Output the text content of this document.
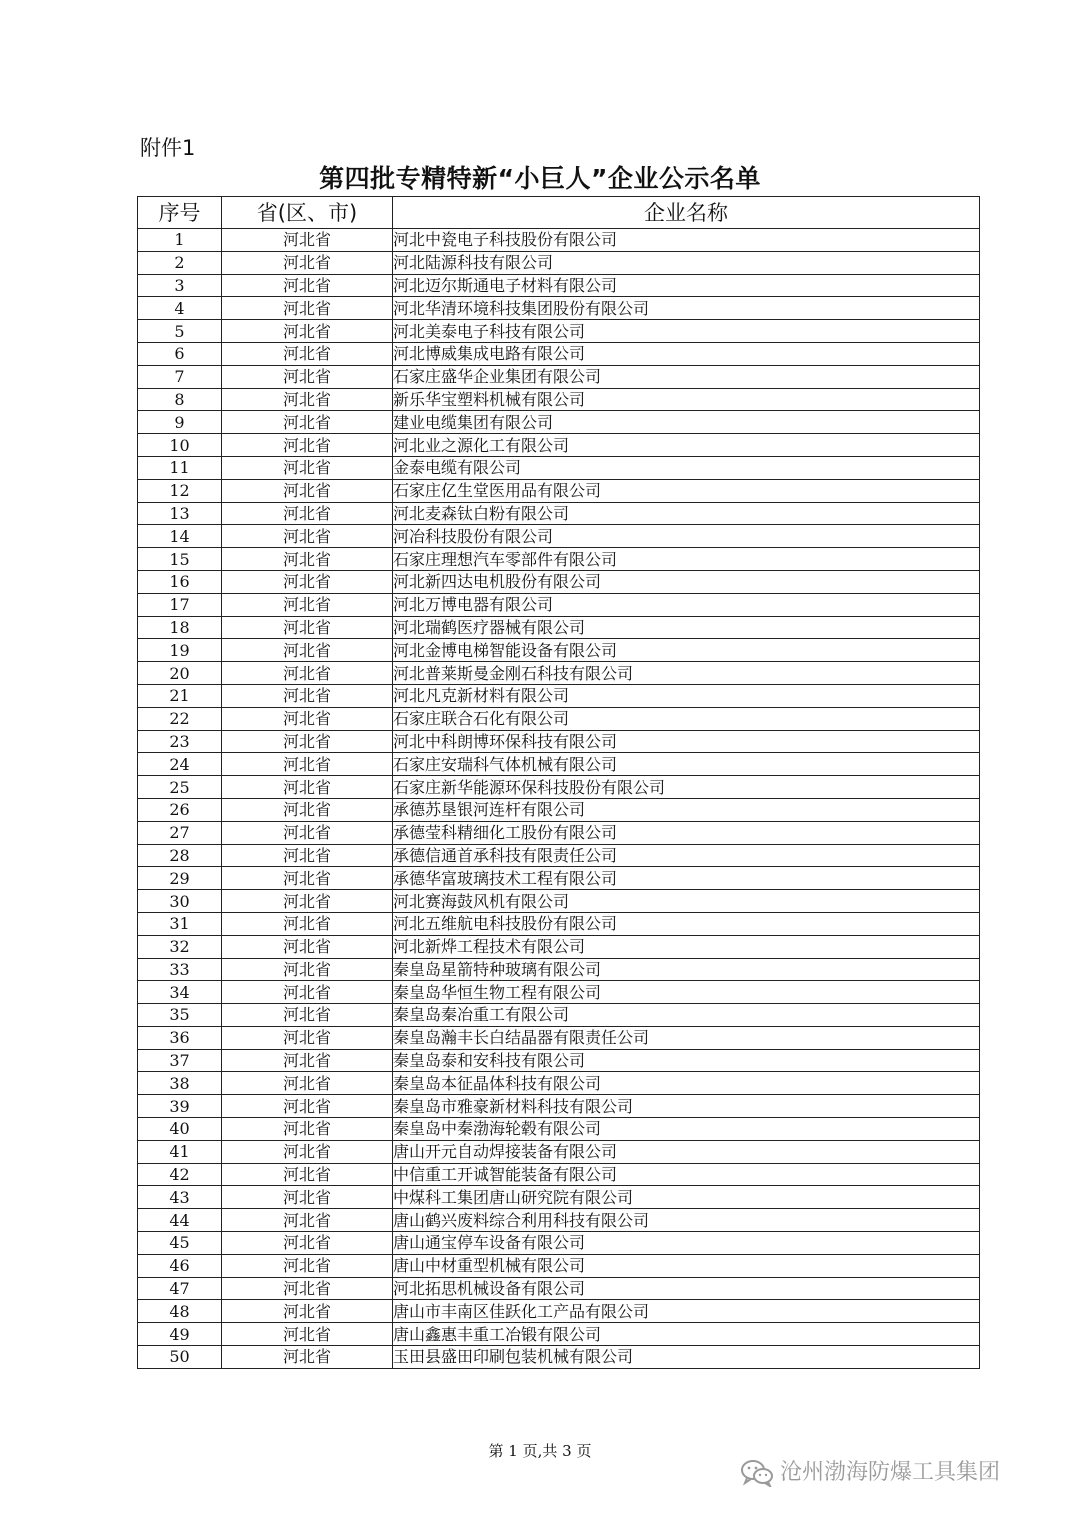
附件1
第四批专精特新“小巨人”企业公示名单
序号	省(区、市)	企业名称
1	河北省	河北中瓷电子科技股份有限公司
2	河北省	河北陆源科技有限公司
3	河北省	河北迈尔斯通电子材料有限公司
4	河北省	河北华清环境科技集团股份有限公司
5	河北省	河北美泰电子科技有限公司
6	河北省	河北博威集成电路有限公司
7	河北省	石家庄盛华企业集团有限公司
8	河北省	新乐华宝塑料机械有限公司
9	河北省	建业电缆集团有限公司
10	河北省	河北业之源化工有限公司
11	河北省	金泰电缆有限公司
12	河北省	石家庄亿生堂医用品有限公司
13	河北省	河北麦森钛白粉有限公司
14	河北省	河冶科技股份有限公司
15	河北省	石家庄理想汽车零部件有限公司
16	河北省	河北新四达电机股份有限公司
17	河北省	河北万博电器有限公司
18	河北省	河北瑞鹤医疗器械有限公司
19	河北省	河北金博电梯智能设备有限公司
20	河北省	河北普莱斯曼金刚石科技有限公司
21	河北省	河北凡克新材料有限公司
22	河北省	石家庄联合石化有限公司
23	河北省	河北中科朗博环保科技有限公司
24	河北省	石家庄安瑞科气体机械有限公司
25	河北省	石家庄新华能源环保科技股份有限公司
26	河北省	承德苏垦银河连杆有限公司
27	河北省	承德莹科精细化工股份有限公司
28	河北省	承德信通首承科技有限责任公司
29	河北省	承德华富玻璃技术工程有限公司
30	河北省	河北赛海鼓风机有限公司
31	河北省	河北五维航电科技股份有限公司
32	河北省	河北新烨工程技术有限公司
33	河北省	秦皇岛星箭特种玻璃有限公司
34	河北省	秦皇岛华恒生物工程有限公司
35	河北省	秦皇岛秦冶重工有限公司
36	河北省	秦皇岛瀚丰长白结晶器有限责任公司
37	河北省	秦皇岛泰和安科技有限公司
38	河北省	秦皇岛本征晶体科技有限公司
39	河北省	秦皇岛市雅豪新材料科技有限公司
40	河北省	秦皇岛中秦渤海轮毂有限公司
41	河北省	唐山开元自动焊接装备有限公司
42	河北省	中信重工开诚智能装备有限公司
43	河北省	中煤科工集团唐山研究院有限公司
44	河北省	唐山鹤兴废料综合利用科技有限公司
45	河北省	唐山通宝停车设备有限公司
46	河北省	唐山中材重型机械有限公司
47	河北省	河北拓思机械设备有限公司
48	河北省	唐山市丰南区佳跃化工产品有限公司
49	河北省	唐山鑫惠丰重工冶锻有限公司
50	河北省	玉田县盛田印刷包装机械有限公司
第 1 页,共 3 页
沧州渤海防爆工具集团
